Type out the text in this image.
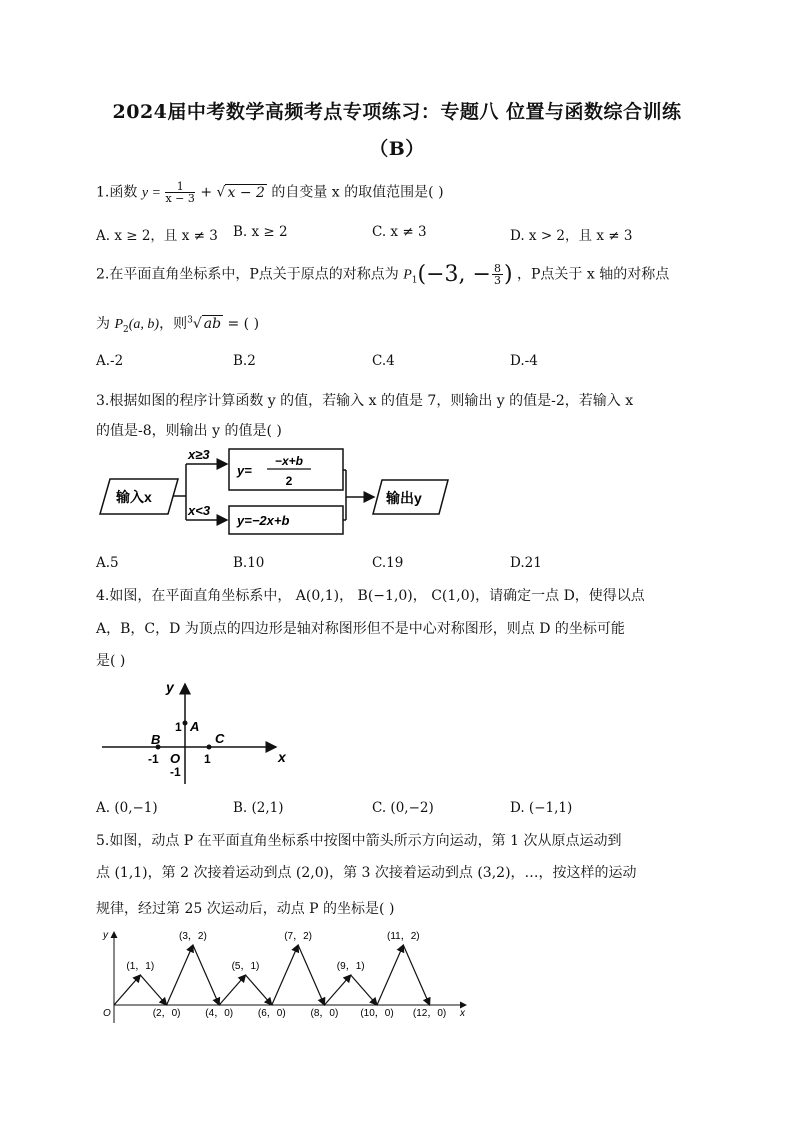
2024届中考数学高频考点专项练习：专题八 位置与函数综合训练
（B）
1.函数 $y = \frac{1}{x - 3}$ + √ x − 2 的自变量 x 的取值范围是( )
A. x ≥ 2，且 x ≠ 3 B. x ≥ 2	C. x ≠ 3	D. x > 2，且 x ≠ 3
2.在平面直角坐标系中，P点关于原点的对称点为 $P_1(-3$, − $\frac{8}{3}$ ) ，P点关于 x 轴的对称点
为 $P_2(a$, b)，则$^3$√ ab = ( )
A.-2	B.2	C.4	D.-4
3.根据如图的程序计算函数 y 的值，若输入 x 的值是 7，则输出 y 的值是-2，若输入 x
的值是-8，则输出 y 的值是( )
输入x
x≥3
x<3
y=
−x+b
2
y=−2x+b
输出y
A.5	B.10	C.19	D.21
4.如图，在平面直角坐标系中， A(0,1)， B(−1,0)， C(1,0)，请确定一点 D，使得以点
A，B，C，D 为顶点的四边形是轴对称图形但不是中心对称图形，则点 D 的坐标可能
是( )
y
x
A
1
B	C
O
-1	1
-1
A. (0,−1)	B. (2,1)	C. (0,−2)	D. (−1,1)
5.如图，动点 P 在平面直角坐标系中按图中箭头所示方向运动，第 1 次从原点运动到
点 (1,1)，第 2 次接着运动到点 (2,0)，第 3 次接着运动到点 (3,2)，…，按这样的运动
规律，经过第 25 次运动后，动点 P 的坐标是( )
y
x
O
(1，1)
(2，0)
(3，2)
(4，0)
(5，1)
(6，0)
(7，2)
(8，0)
(9，1)
(10，0)
(11，2)
(12，0)
